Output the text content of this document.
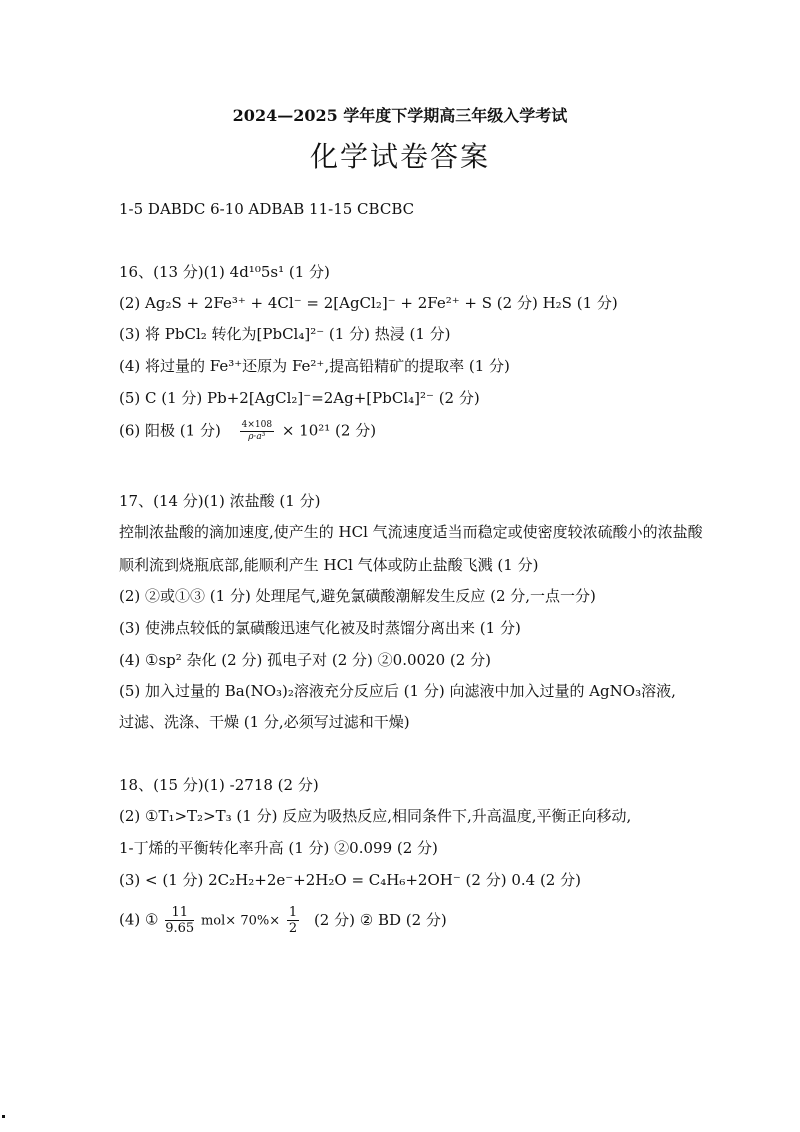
2024—2025 学年度下学期高三年级入学考试
化学试卷答案
1-5 DABDC 6-10 ADBAB 11-15 CBCBC
16、(13 分)(1) 4d¹⁰5s¹ (1 分)
(2) Ag₂S + 2Fe³⁺ + 4Cl⁻ = 2[AgCl₂]⁻ + 2Fe²⁺ + S (2 分) H₂S (1 分)
(3) 将 PbCl₂ 转化为[PbCl₄]²⁻ (1 分) 热浸 (1 分)
(4) 将过量的 Fe³⁺还原为 Fe²⁺,提高铅精矿的提取率 (1 分)
(5) C (1 分) Pb+2[AgCl₂]⁻=2Ag+[PbCl₄]²⁻ (2 分)
(6) 阳极 (1 分) $\frac{4\times 108}{\text{ρ·a³}} \times 10^{21}$ (2 分)
17、(14 分)(1) 浓盐酸 (1 分)
控制浓盐酸的滴加速度,使产生的 HCl 气流速度适当而稳定或使密度较浓硫酸小的浓盐酸
顺利流到烧瓶底部,能顺利产生 HCl 气体或防止盐酸飞溅 (1 分)
(2) ②或①③ (1 分) 处理尾气,避免氯磺酸潮解发生反应 (2 分,一点一分)
(3) 使沸点较低的氯磺酸迅速气化被及时蒸馏分离出来 (1 分)
(4) ①sp² 杂化 (2 分) 孤电子对 (2 分) ②0.0020 (2 分)
(5) 加入过量的 Ba(NO₃)₂溶液充分反应后 (1 分) 向滤液中加入过量的 AgNO₃溶液,
过滤、洗涤、干燥 (1 分,必须写过滤和干燥)
18、(15 分)(1) -2718 (2 分)
(2) ①T₁>T₂>T₃ (1 分) 反应为吸热反应,相同条件下,升高温度,平衡正向移动,
1-丁烯的平衡转化率升高 (1 分) ②0.099 (2 分)
(3) < (1 分) 2C₂H₂+2e⁻+2H₂O = C₄H₆+2OH⁻ (2 分) 0.4 (2 分)
(4) ① $\frac{11}{9.65} mol\times 70\%\times \frac{1}{2} (2$ 分) ② BD (2 分)
